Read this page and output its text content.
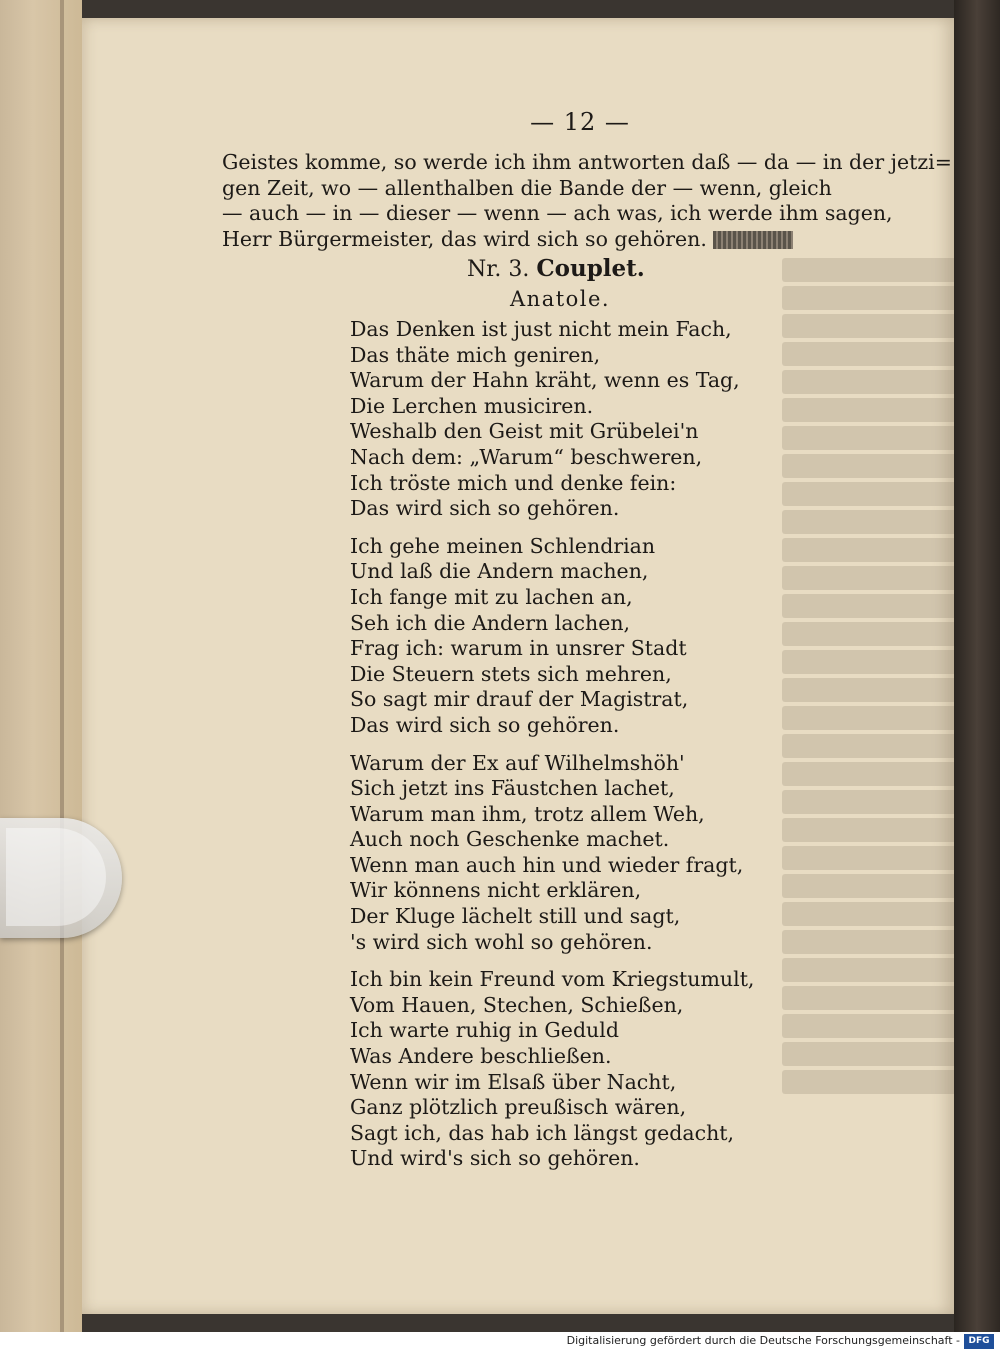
— 12 —
Geistes komme, so werde ich ihm antworten daß — da — in der jetzi=
gen Zeit, wo — allenthalben die Bande der — wenn, gleich
— auch — in — dieser — wenn — ach was, ich werde ihm sagen,
Herr Bürgermeister, das wird sich so gehören.
Nr. 3. Couplet.
Anatole.
Das Denken ist just nicht mein Fach,
Das thäte mich geniren,
Warum der Hahn kräht, wenn es Tag,
Die Lerchen musiciren.
Weshalb den Geist mit Grübelei'n
Nach dem: „Warum“ beschweren,
Ich tröste mich und denke fein:
Das wird sich so gehören.
Ich gehe meinen Schlendrian
Und laß die Andern machen,
Ich fange mit zu lachen an,
Seh ich die Andern lachen,
Frag ich: warum in unsrer Stadt
Die Steuern stets sich mehren,
So sagt mir drauf der Magistrat,
Das wird sich so gehören.
Warum der Ex auf Wilhelmshöh'
Sich jetzt ins Fäustchen lachet,
Warum man ihm, trotz allem Weh,
Auch noch Geschenke machet.
Wenn man auch hin und wieder fragt,
Wir könnens nicht erklären,
Der Kluge lächelt still und sagt,
's wird sich wohl so gehören.
Ich bin kein Freund vom Kriegstumult,
Vom Hauen, Stechen, Schießen,
Ich warte ruhig in Geduld
Was Andere beschließen.
Wenn wir im Elsaß über Nacht,
Ganz plötzlich preußisch wären,
Sagt ich, das hab ich längst gedacht,
Und wird's sich so gehören.
Digitalisierung gefördert durch die Deutsche Forschungsgemeinschaft - DFG
